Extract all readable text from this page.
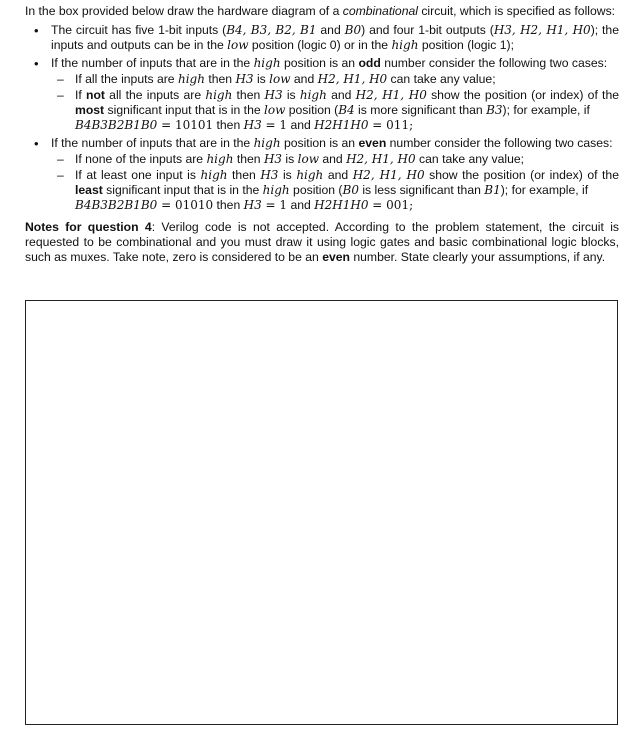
In the box provided below draw the hardware diagram of a combinational circuit, which is specified as follows:

• The circuit has five 1-bit inputs (B4, B3, B2, B1 and B0) and four 1-bit outputs (H3, H2, H1, H0); the inputs and outputs can be in the low position (logic 0) or in the high position (logic 1);
• If the number of inputs that are in the high position is an odd number consider the following two cases:
– If all the inputs are high then H3 is low and H2, H1, H0 can take any value;
– If not all the inputs are high then H3 is high and H2, H1, H0 show the position (or index) of the most significant input that is in the low position (B4 is more significant than B3); for example, if
B4B3B2B1B0 = 10101 then H3 = 1 and H2H1H0 = 011;
• If the number of inputs that are in the high position is an even number consider the following two cases:
– If none of the inputs are high then H3 is low and H2, H1, H0 can take any value;
– If at least one input is high then H3 is high and H2, H1, H0 show the position (or index) of the least significant input that is in the high position (B0 is less significant than B1); for example, if
B4B3B2B1B0 = 01010 then H3 = 1 and H2H1H0 = 001;

Notes for question 4: Verilog code is not accepted. According to the problem statement, the circuit is requested to be combinational and you must draw it using logic gates and basic combinational logic blocks, such as muxes. Take note, zero is considered to be an even number. State clearly your assumptions, if any.
